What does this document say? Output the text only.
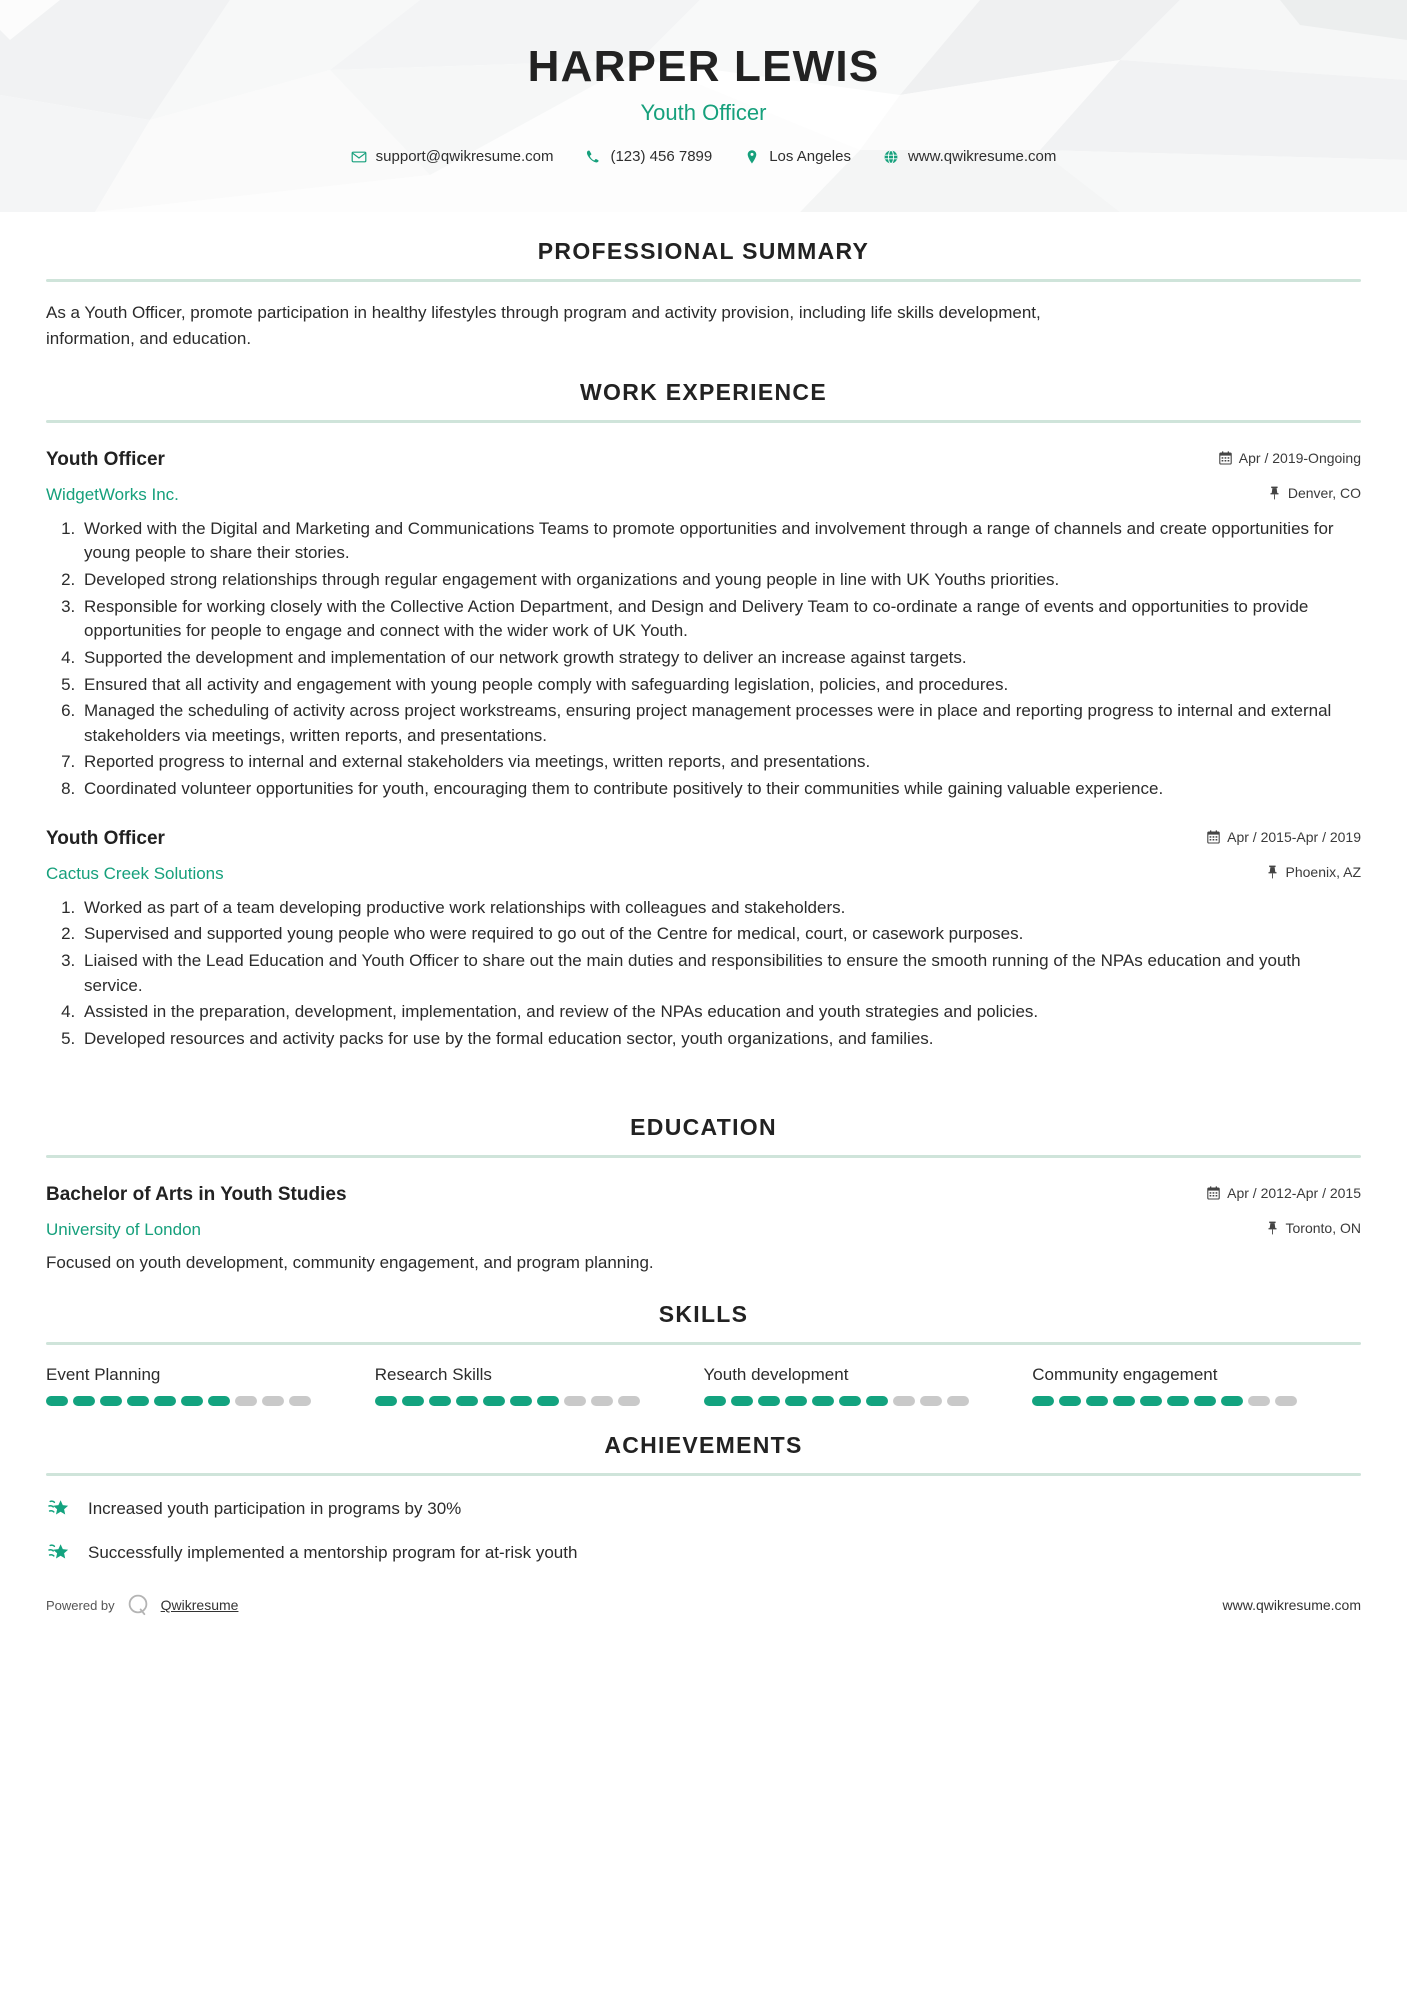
HARPER LEWIS
Youth Officer
support@qwikresume.com	(123) 456 7899	Los Angeles	www.qwikresume.com
PROFESSIONAL SUMMARY
As a Youth Officer, promote participation in healthy lifestyles through program and activity provision, including life skills development, information, and education.
WORK EXPERIENCE
Youth Officer	Apr / 2019-Ongoing
WidgetWorks Inc.	Denver, CO
1. Worked with the Digital and Marketing and Communications Teams to promote opportunities and involvement through a range of channels and create opportunities for young people to share their stories.
2. Developed strong relationships through regular engagement with organizations and young people in line with UK Youths priorities.
3. Responsible for working closely with the Collective Action Department, and Design and Delivery Team to co-ordinate a range of events and opportunities to provide opportunities for people to engage and connect with the wider work of UK Youth.
4. Supported the development and implementation of our network growth strategy to deliver an increase against targets.
5. Ensured that all activity and engagement with young people comply with safeguarding legislation, policies, and procedures.
6. Managed the scheduling of activity across project workstreams, ensuring project management processes were in place and reporting progress to internal and external stakeholders via meetings, written reports, and presentations.
7. Reported progress to internal and external stakeholders via meetings, written reports, and presentations.
8. Coordinated volunteer opportunities for youth, encouraging them to contribute positively to their communities while gaining valuable experience.
Youth Officer	Apr / 2015-Apr / 2019
Cactus Creek Solutions	Phoenix, AZ
1. Worked as part of a team developing productive work relationships with colleagues and stakeholders.
2. Supervised and supported young people who were required to go out of the Centre for medical, court, or casework purposes.
3. Liaised with the Lead Education and Youth Officer to share out the main duties and responsibilities to ensure the smooth running of the NPAs education and youth service.
4. Assisted in the preparation, development, implementation, and review of the NPAs education and youth strategies and policies.
5. Developed resources and activity packs for use by the formal education sector, youth organizations, and families.
EDUCATION
Bachelor of Arts in Youth Studies	Apr / 2012-Apr / 2015
University of London	Toronto, ON
Focused on youth development, community engagement, and program planning.
SKILLS
Event Planning	Research Skills	Youth development	Community engagement
ACHIEVEMENTS
Increased youth participation in programs by 30%
Successfully implemented a mentorship program for at-risk youth
Powered by	Qwikresume	www.qwikresume.com
